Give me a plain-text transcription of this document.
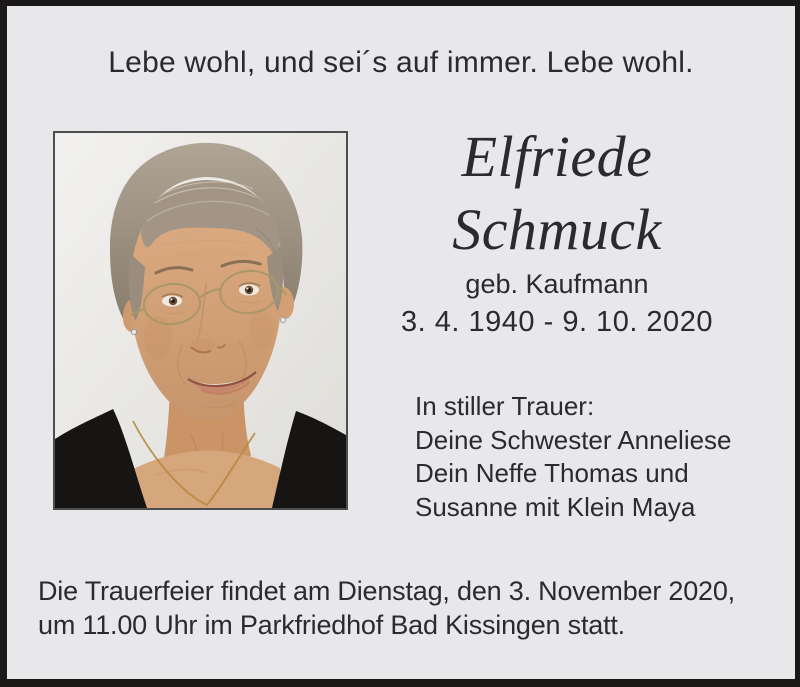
Lebe wohl, und sei´s auf immer. Lebe wohl.
Elfriede
Schmuck
geb. Kaufmann
3. 4. 1940 - 9. 10. 2020
In stiller Trauer:
Deine Schwester Anneliese
Dein Neffe Thomas und
Susanne mit Klein Maya
Die Trauerfeier findet am Dienstag, den 3. November 2020,
um 11.00 Uhr im Parkfriedhof Bad Kissingen statt.
